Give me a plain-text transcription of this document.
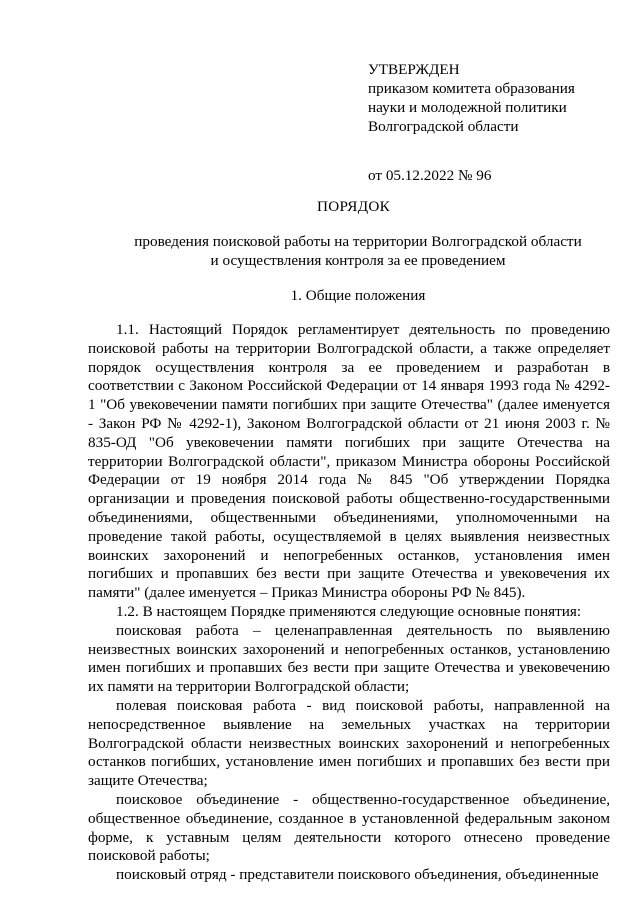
УТВЕРЖДЕН
приказом комитета образования
науки и молодежной политики
Волгоградской области
от 05.12.2022 № 96
ПОРЯДОК
проведения поисковой работы на территории Волгоградской области
и осуществления контроля за ее проведением
1. Общие положения

1.1. Настоящий Порядок регламентирует деятельность по проведению поисковой работы на территории Волгоградской области, а также определяет порядок осуществления контроля за ее проведением и разработан в соответствии с Законом Российской Федерации от 14 января 1993 года № 4292-1 "Об увековечении памяти погибших при защите Отечества" (далее именуется - Закон РФ № 4292-1), Законом Волгоградской области от 21 июня 2003 г. № 835-ОД "Об увековечении памяти погибших при защите Отечества на территории Волгоградской области", приказом Министра обороны Российской Федерации от 19 ноября 2014 года № 845 "Об утверждении Порядка организации и проведения поисковой работы общественно-государственными объединениями, общественными объединениями, уполномоченными на проведение такой работы, осуществляемой в целях выявления неизвестных воинских захоронений и непогребенных останков, установления имен погибших и пропавших без вести при защите Отечества и увековечения их памяти" (далее именуется – Приказ Министра обороны РФ № 845).

1.2. В настоящем Порядке применяются следующие основные понятия:

поисковая работа – целенаправленная деятельность по выявлению неизвестных воинских захоронений и непогребенных останков, установлению имен погибших и пропавших без вести при защите Отечества и увековечению их памяти на территории Волгоградской области;

полевая поисковая работа - вид поисковой работы, направленной на непосредственное выявление на земельных участках на территории Волгоградской области неизвестных воинских захоронений и непогребенных останков погибших, установление имен погибших и пропавших без вести при защите Отечества;

поисковое объединение - общественно-государственное объединение, общественное объединение, созданное в установленной федеральным законом форме, к уставным целям деятельности которого отнесено проведение поисковой работы;

поисковый отряд - представители поискового объединения, объединенные
